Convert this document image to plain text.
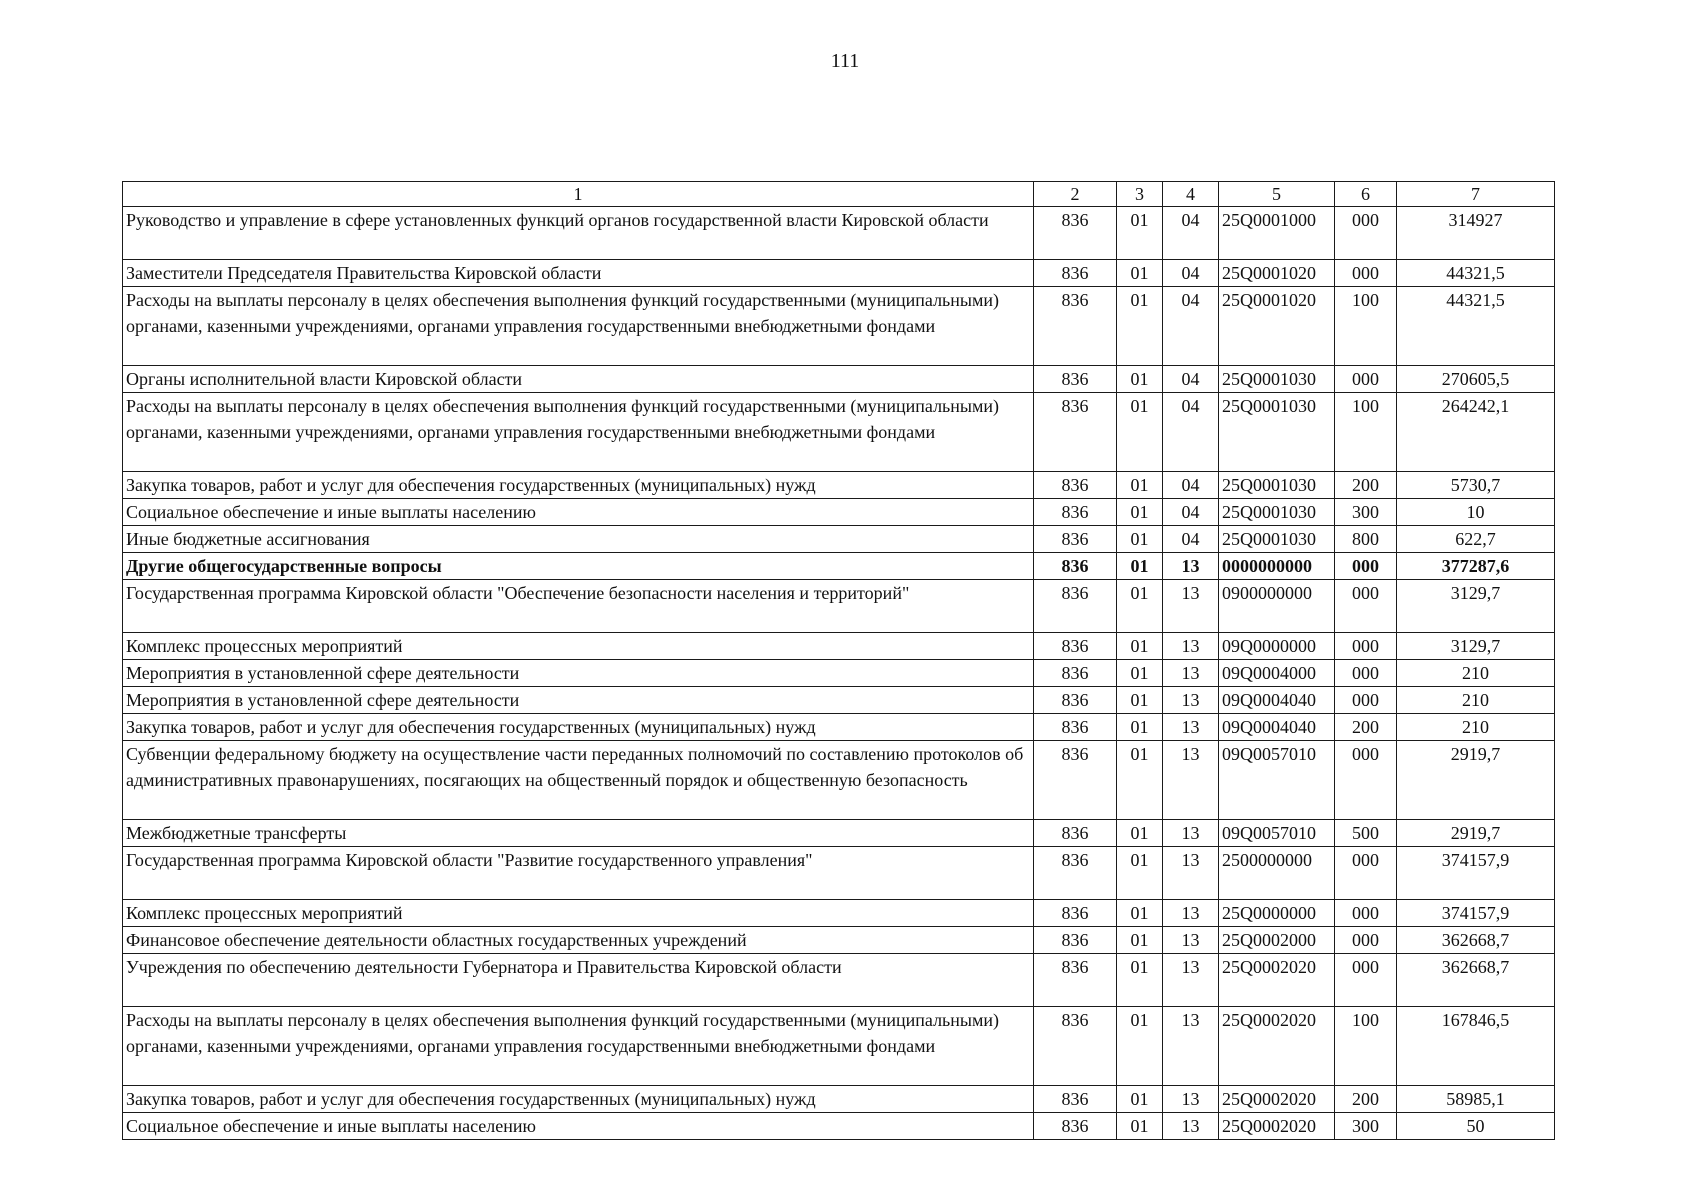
111
1	2	3	4	5	6	7
Руководство и управление в сфере установленных функций органов государственной власти Кировской области	836	01	04	25Q0001000	000	314927
Заместители Председателя Правительства Кировской области	836	01	04	25Q0001020	000	44321,5
Расходы на выплаты персоналу в целях обеспечения выполнения функций государственными (муниципальными) органами, казенными учреждениями, органами управления государственными внебюджетными фондами	836	01	04	25Q0001020	100	44321,5
Органы исполнительной власти Кировской области	836	01	04	25Q0001030	000	270605,5
Расходы на выплаты персоналу в целях обеспечения выполнения функций государственными (муниципальными) органами, казенными учреждениями, органами управления государственными внебюджетными фондами	836	01	04	25Q0001030	100	264242,1
Закупка товаров, работ и услуг для обеспечения государственных (муниципальных) нужд	836	01	04	25Q0001030	200	5730,7
Социальное обеспечение и иные выплаты населению	836	01	04	25Q0001030	300	10
Иные бюджетные ассигнования	836	01	04	25Q0001030	800	622,7
Другие общегосударственные вопросы	836	01	13	0000000000	000	377287,6
Государственная программа Кировской области "Обеспечение безопасности населения и территорий"	836	01	13	0900000000	000	3129,7
Комплекс процессных мероприятий	836	01	13	09Q0000000	000	3129,7
Мероприятия в установленной сфере деятельности	836	01	13	09Q0004000	000	210
Мероприятия в установленной сфере деятельности	836	01	13	09Q0004040	000	210
Закупка товаров, работ и услуг для обеспечения государственных (муниципальных) нужд	836	01	13	09Q0004040	200	210
Субвенции федеральному бюджету на осуществление части переданных полномочий по составлению протоколов об административных правонарушениях, посягающих на общественный порядок и общественную безопасность	836	01	13	09Q0057010	000	2919,7
Межбюджетные трансферты	836	01	13	09Q0057010	500	2919,7
Государственная программа Кировской области "Развитие государственного управления"	836	01	13	2500000000	000	374157,9
Комплекс процессных мероприятий	836	01	13	25Q0000000	000	374157,9
Финансовое обеспечение деятельности областных государственных учреждений	836	01	13	25Q0002000	000	362668,7
Учреждения по обеспечению деятельности Губернатора и Правительства Кировской области	836	01	13	25Q0002020	000	362668,7
Расходы на выплаты персоналу в целях обеспечения выполнения функций государственными (муниципальными) органами, казенными учреждениями, органами управления государственными внебюджетными фондами	836	01	13	25Q0002020	100	167846,5
Закупка товаров, работ и услуг для обеспечения государственных (муниципальных) нужд	836	01	13	25Q0002020	200	58985,1
Социальное обеспечение и иные выплаты населению	836	01	13	25Q0002020	300	50
